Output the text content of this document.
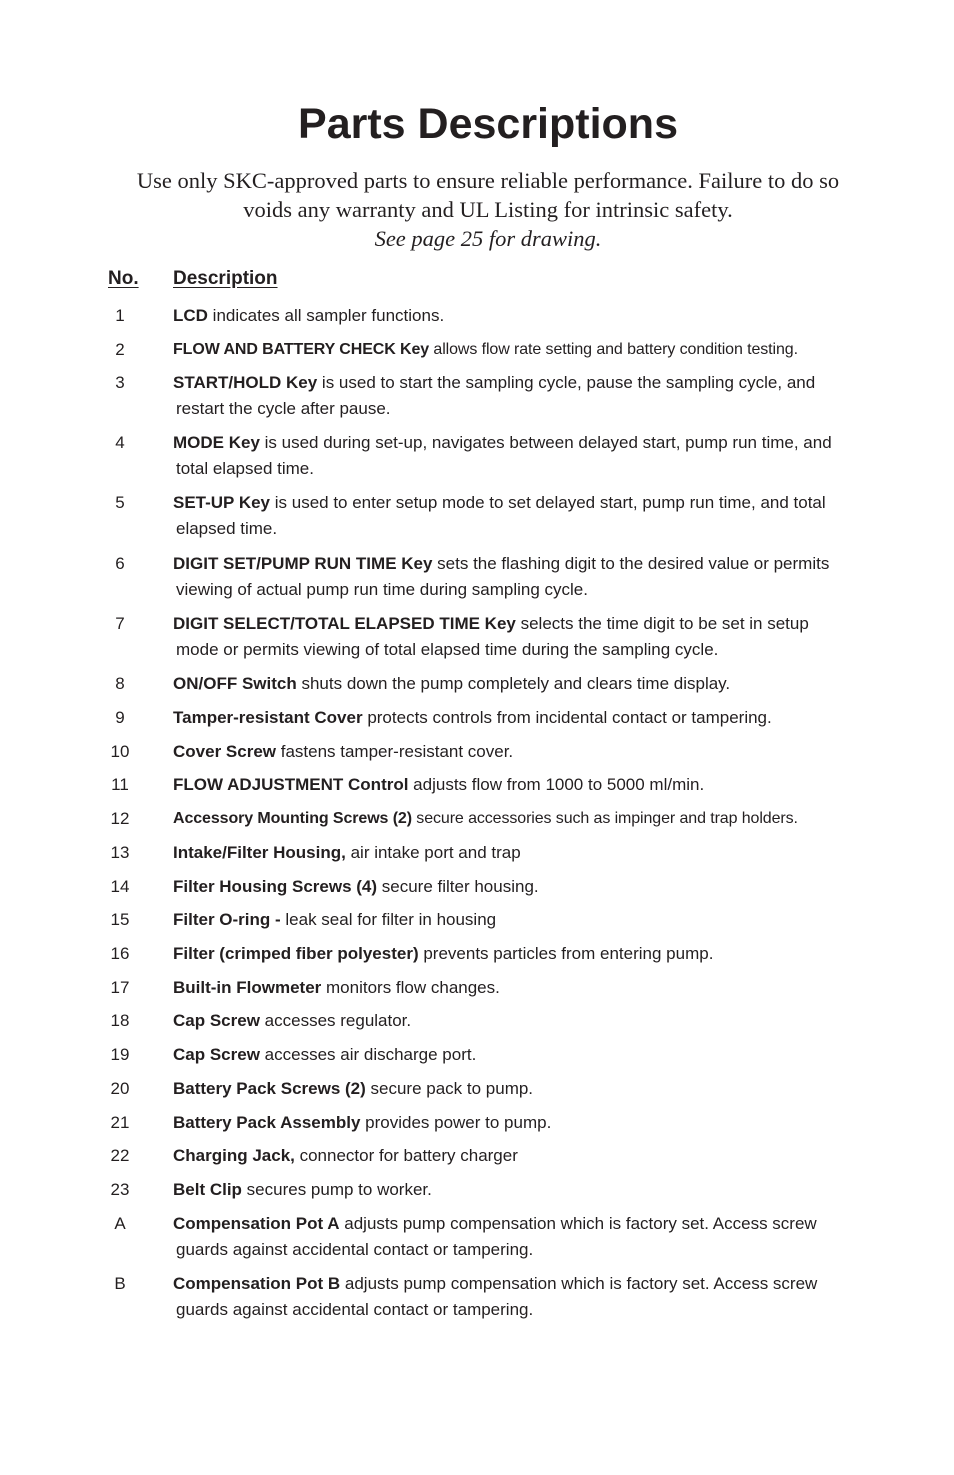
Parts Descriptions
Use only SKC-approved parts to ensure reliable performance. Failure to do so
voids any warranty and UL Listing for intrinsic safety.
See page 25 for drawing.
No. Description
1	LCD indicates all sampler functions.
2	FLOW AND BATTERY CHECK Key allows flow rate setting and battery condition testing.
3	START/HOLD Key is used to start the sampling cycle, pause the sampling cycle, and
restart the cycle after pause.
4	MODE Key is used during set-up, navigates between delayed start, pump run time, and
total elapsed time.
5	SET-UP Key is used to enter setup mode to set delayed start, pump run time, and total
elapsed time.
6	DIGIT SET/PUMP RUN TIME Key sets the flashing digit to the desired value or permits
viewing of actual pump run time during sampling cycle.
7	DIGIT SELECT/TOTAL ELAPSED TIME Key selects the time digit to be set in setup
mode or permits viewing of total elapsed time during the sampling cycle.
8	ON/OFF Switch shuts down the pump completely and clears time display.
9	Tamper-resistant Cover protects controls from incidental contact or tampering.
10	Cover Screw fastens tamper-resistant cover.
11	FLOW ADJUSTMENT Control adjusts flow from 1000 to 5000 ml/min.
12	Accessory Mounting Screws (2) secure accessories such as impinger and trap holders.
13	Intake/Filter Housing, air intake port and trap
14	Filter Housing Screws (4) secure filter housing.
15	Filter O-ring - leak seal for filter in housing
16	Filter (crimped fiber polyester) prevents particles from entering pump.
17	Built-in Flowmeter monitors flow changes.
18	Cap Screw accesses regulator.
19	Cap Screw accesses air discharge port.
20	Battery Pack Screws (2) secure pack to pump.
21	Battery Pack Assembly provides power to pump.
22	Charging Jack, connector for battery charger
23	Belt Clip secures pump to worker.
A	Compensation Pot A adjusts pump compensation which is factory set. Access screw
guards against accidental contact or tampering.
B	Compensation Pot B adjusts pump compensation which is factory set. Access screw
guards against accidental contact or tampering.
